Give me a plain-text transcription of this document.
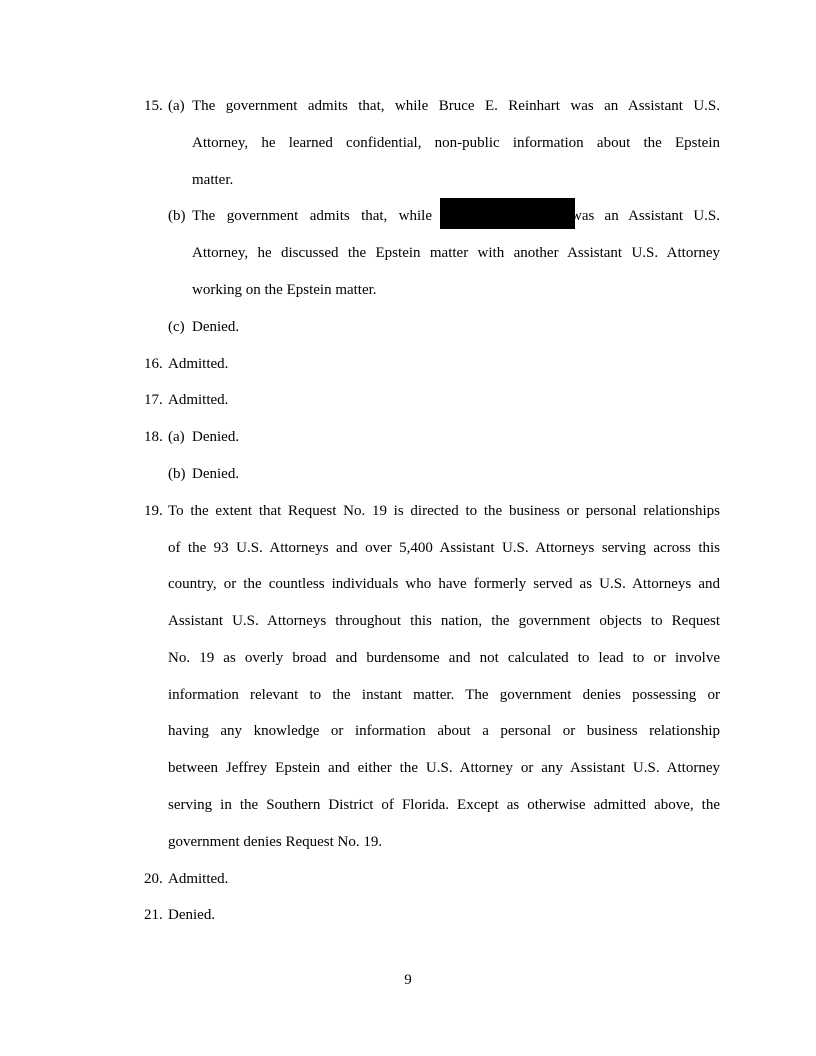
15. (a) The government admits that, while Bruce E. Reinhart was an Assistant U.S.
Attorney, he learned confidential, non-public information about the Epstein
matter.
(b) The government admits that, while	was an Assistant U.S.
Attorney, he discussed the Epstein matter with another Assistant U.S. Attorney
working on the Epstein matter.
(c) Denied.
16. Admitted.
17. Admitted.
18. (a) Denied.
(b) Denied.
19. To the extent that Request No. 19 is directed to the business or personal relationships
of the 93 U.S. Attorneys and over 5,400 Assistant U.S. Attorneys serving across this
country, or the countless individuals who have formerly served as U.S. Attorneys and
Assistant U.S. Attorneys throughout this nation, the government objects to Request
No. 19 as overly broad and burdensome and not calculated to lead to or involve
information relevant to the instant matter. The government denies possessing or
having any knowledge or information about a personal or business relationship
between Jeffrey Epstein and either the U.S. Attorney or any Assistant U.S. Attorney
serving in the Southern District of Florida. Except as otherwise admitted above, the
government denies Request No. 19.
20. Admitted.
21. Denied.
9
